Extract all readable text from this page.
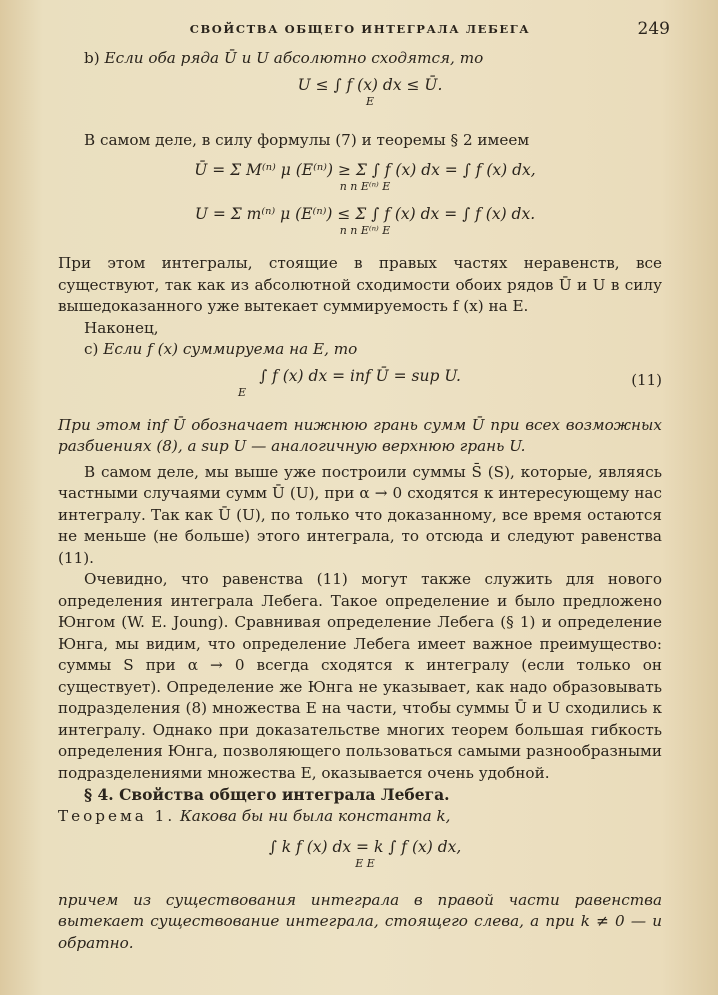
СВОЙСТВА ОБЩЕГО ИНТЕГРАЛА ЛЕБЕГА	249

b) Если оба ряда Ū и U абсолютно сходятся, то

U ≤ ∫ f (x) dx ≤ Ū.
E

В самом деле, в силу формулы (7) и теоремы § 2 имеем

Ū = Σ M⁽ⁿ⁾ μ (E⁽ⁿ⁾) ≥ Σ ∫ f (x) dx = ∫ f (x) dx,
n n E⁽ⁿ⁾ E
U = Σ m⁽ⁿ⁾ μ (E⁽ⁿ⁾) ≤ Σ ∫ f (x) dx = ∫ f (x) dx.
n n E⁽ⁿ⁾ E

При этом интегралы, стоящие в правых частях неравенств, все существуют, так как из абсолютной сходимости обоих рядов Ū и U в силу вышедоказанного уже вытекает суммируемость f (x) на E.

Наконец,

c) Если f (x) суммируема на E, то

∫ f (x) dx = inf Ū = sup U.
E
(11)

При этом inf Ū обозначает нижнюю грань сумм Ū при всех возможных разбиениях (8), а sup U — аналогичную верхнюю грань U.

В самом деле, мы выше уже построили суммы S̄ (S), которые, являясь частными случаями сумм Ū (U), при α → 0 сходятся к интересующему нас интегралу. Так как Ū (U), по только что доказанному, все время остаются не меньше (не больше) этого интеграла, то отсюда и следуют равенства (11).

Очевидно, что равенства (11) могут также служить для нового определения интеграла Лебега. Такое определение и было предложено Юнгом (W. E. Joung). Сравнивая определение Лебега (§ 1) и определение Юнга, мы видим, что определение Лебега имеет важное преимущество: суммы S при α → 0 всегда сходятся к интегралу (если только он существует). Определение же Юнга не указывает, как надо образовывать подразделения (8) множества E на части, чтобы суммы Ū и U сходились к интегралу. Однако при доказательстве многих теорем большая гибкость определения Юнга, позволяющего пользоваться самыми разнообразными подразделениями множества E, оказывается очень удобной.

§ 4. Свойства общего интеграла Лебега.

Теорема 1. Какова бы ни была константа k,

∫ k f (x) dx = k ∫ f (x) dx,
E E

причем из существования интеграла в правой части равенства вытекает существование интеграла, стоящего слева, а при k ≠ 0 — и обратно.
